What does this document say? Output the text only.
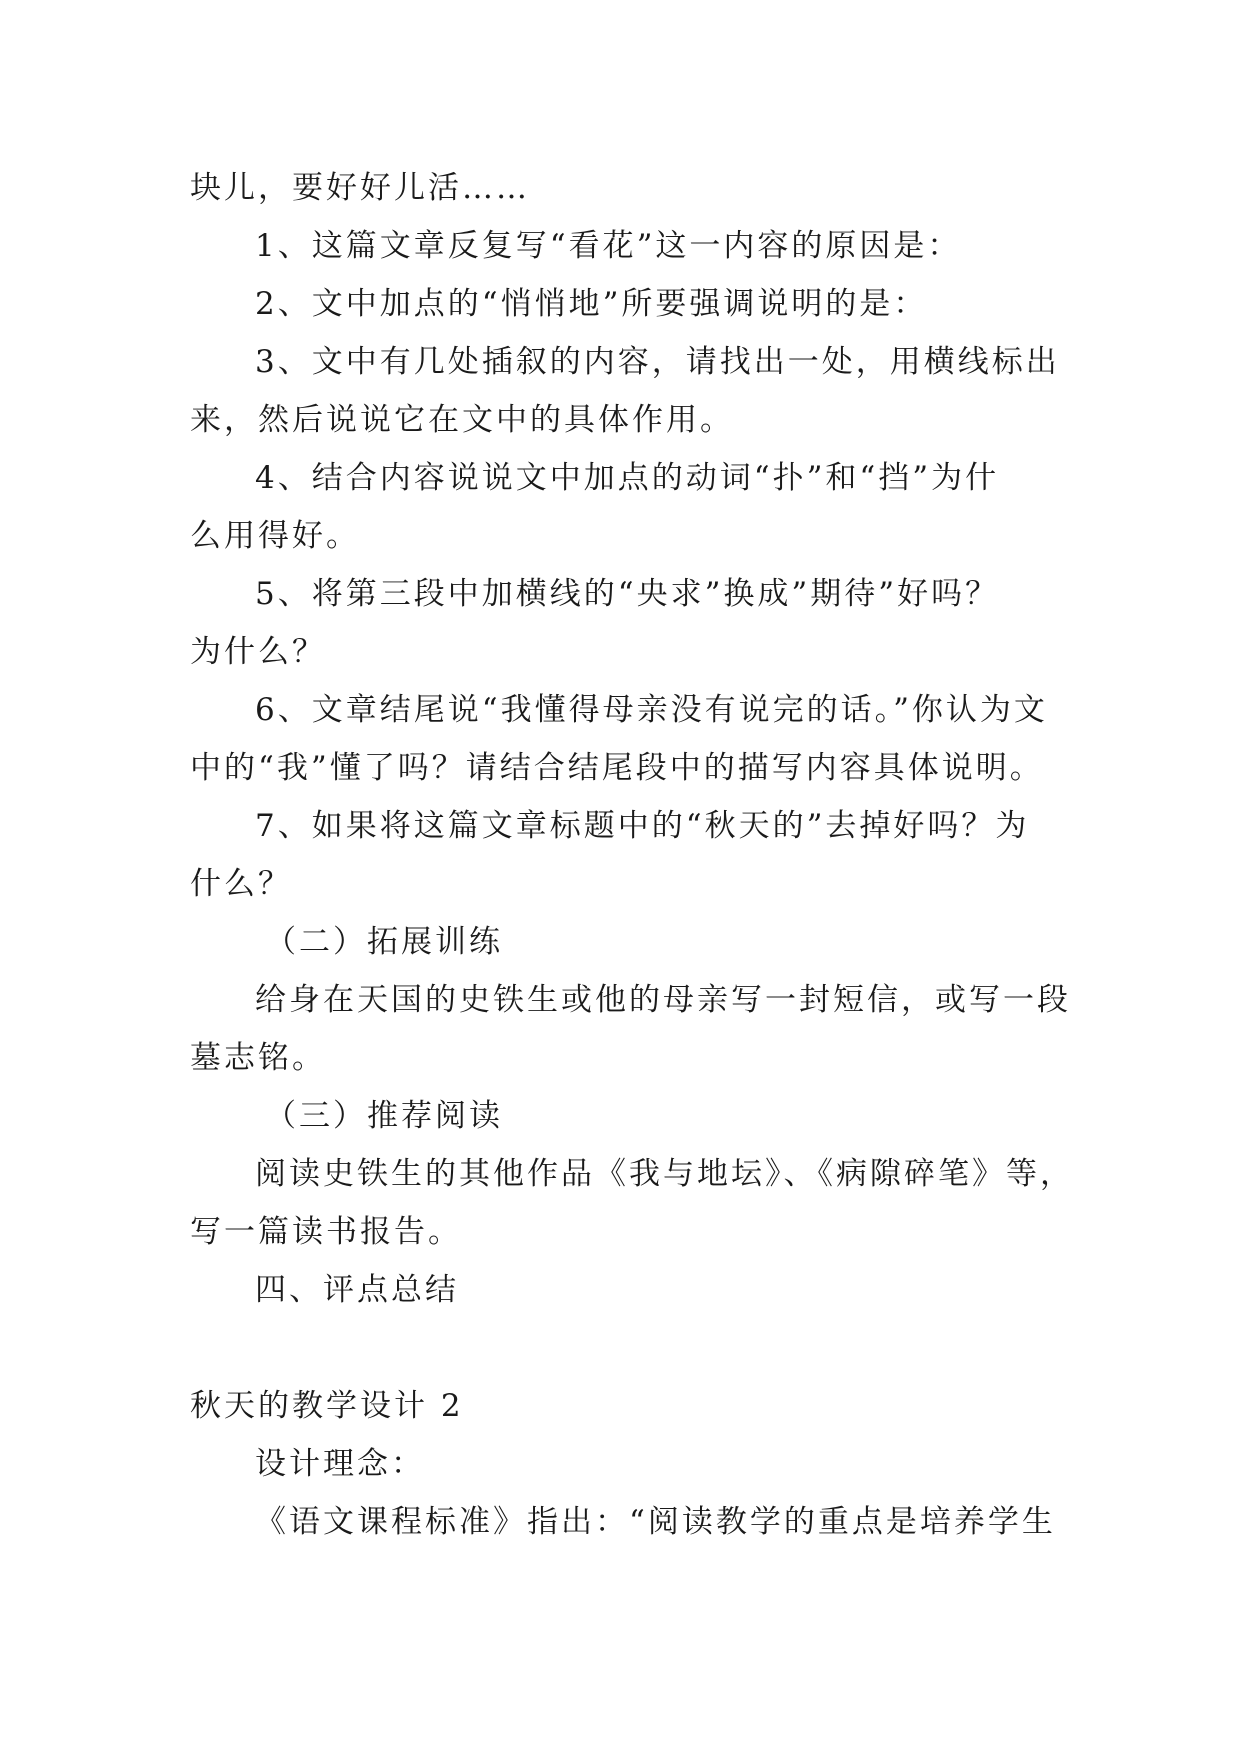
块儿，要好好儿活……
1、这篇文章反复写“看花”这一内容的原因是：
2、文中加点的“悄悄地”所要强调说明的是：
3、文中有几处插叙的内容，请找出一处，用横线标出
来，然后说说它在文中的具体作用。
4、结合内容说说文中加点的动词“扑”和“挡”为什
么用得好。
5、将第三段中加横线的“央求”换成”期待”好吗？
为什么？
6、文章结尾说“我懂得母亲没有说完的话。”你认为文
中的“我”懂了吗？请结合结尾段中的描写内容具体说明。
7、如果将这篇文章标题中的“秋天的”去掉好吗？为
什么？
（二）拓展训练
给身在天国的史铁生或他的母亲写一封短信，或写一段
墓志铭。
（三）推荐阅读
阅读史铁生的其他作品《我与地坛》、《病隙碎笔》等，
写一篇读书报告。
四、评点总结
秋天的教学设计 2
设计理念：
《语文课程标准》指出：“阅读教学的重点是培养学生
